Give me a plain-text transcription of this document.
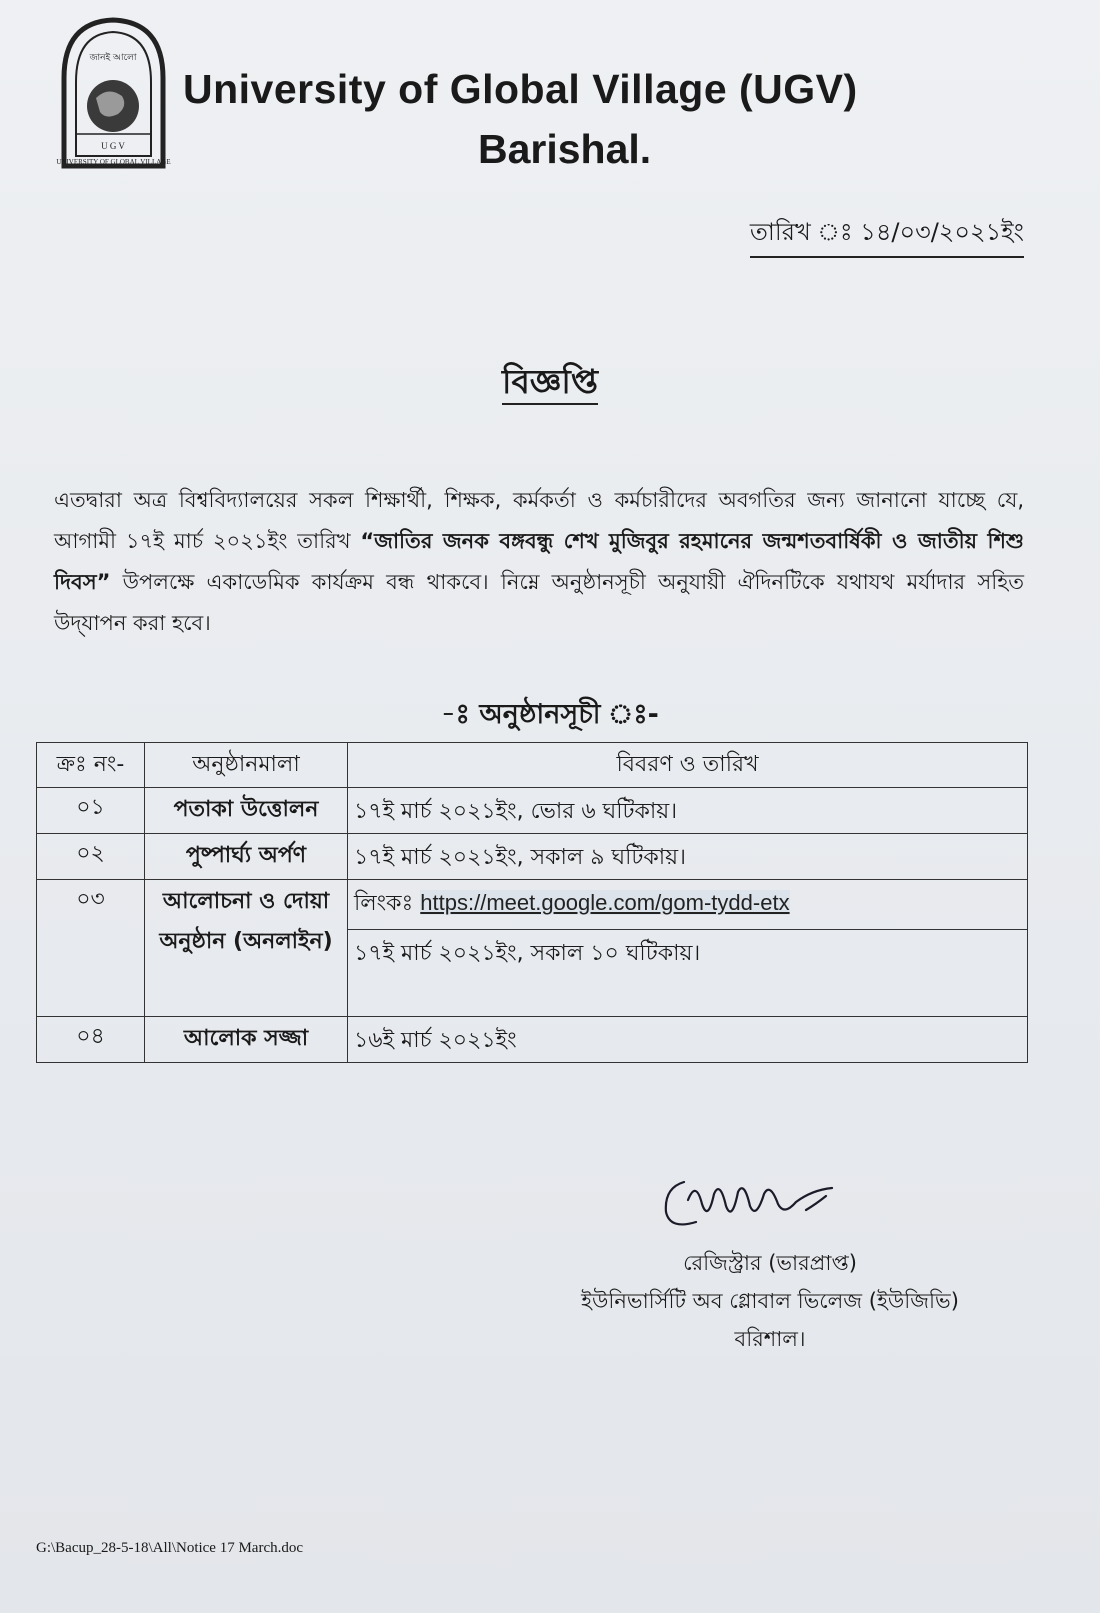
জানই আলো
U G V
UNIVERSITY OF GLOBAL VILLAGE
University of Global Village (UGV)
Barishal.
তারিখ ঃ ১৪/০৩/২০২১ইং
বিজ্ঞপ্তি
এতদ্বারা অত্র বিশ্ববিদ্যালয়ের সকল শিক্ষার্থী, শিক্ষক, কর্মকর্তা ও কর্মচারীদের অবগতির জন্য জানানো যাচ্ছে যে, আগামী ১৭ই মার্চ ২০২১ইং তারিখ “জাতির জনক বঙ্গবন্ধু শেখ মুজিবুর রহমানের জন্মশতবার্ষিকী ও জাতীয় শিশু দিবস” উপলক্ষে একাডেমিক কার্যক্রম বন্ধ থাকবে। নিম্নে অনুষ্ঠানসূচী অনুযায়ী ঐদিনটিকে যথাযথ মর্যাদার সহিত উদ্‌যাপন করা হবে।
-ঃ অনুষ্ঠানসূচী ঃ-
ক্রঃ নং-	অনুষ্ঠানমালা	বিবরণ ও তারিখ
০১	পতাকা উত্তোলন	১৭ই মার্চ ২০২১ইং, ভোর ৬ ঘটিকায়।
০২	পুষ্পার্ঘ্য অর্পণ	১৭ই মার্চ ২০২১ইং, সকাল ৯ ঘটিকায়।
০৩	আলোচনা ও দোয়া অনুষ্ঠান (অনলাইন)	লিংকঃ https://meet.google.com/gom-tydd-etx
১৭ই মার্চ ২০২১ইং, সকাল ১০ ঘটিকায়।

০৪	আলোক সজ্জা	১৬ই মার্চ ২০২১ইং
রেজিস্ট্রার (ভারপ্রাপ্ত)
ইউনিভার্সিটি অব গ্লোবাল ভিলেজ (ইউজিভি)
বরিশাল।
G:\Bacup_28-5-18\All\Notice 17 March.doc
